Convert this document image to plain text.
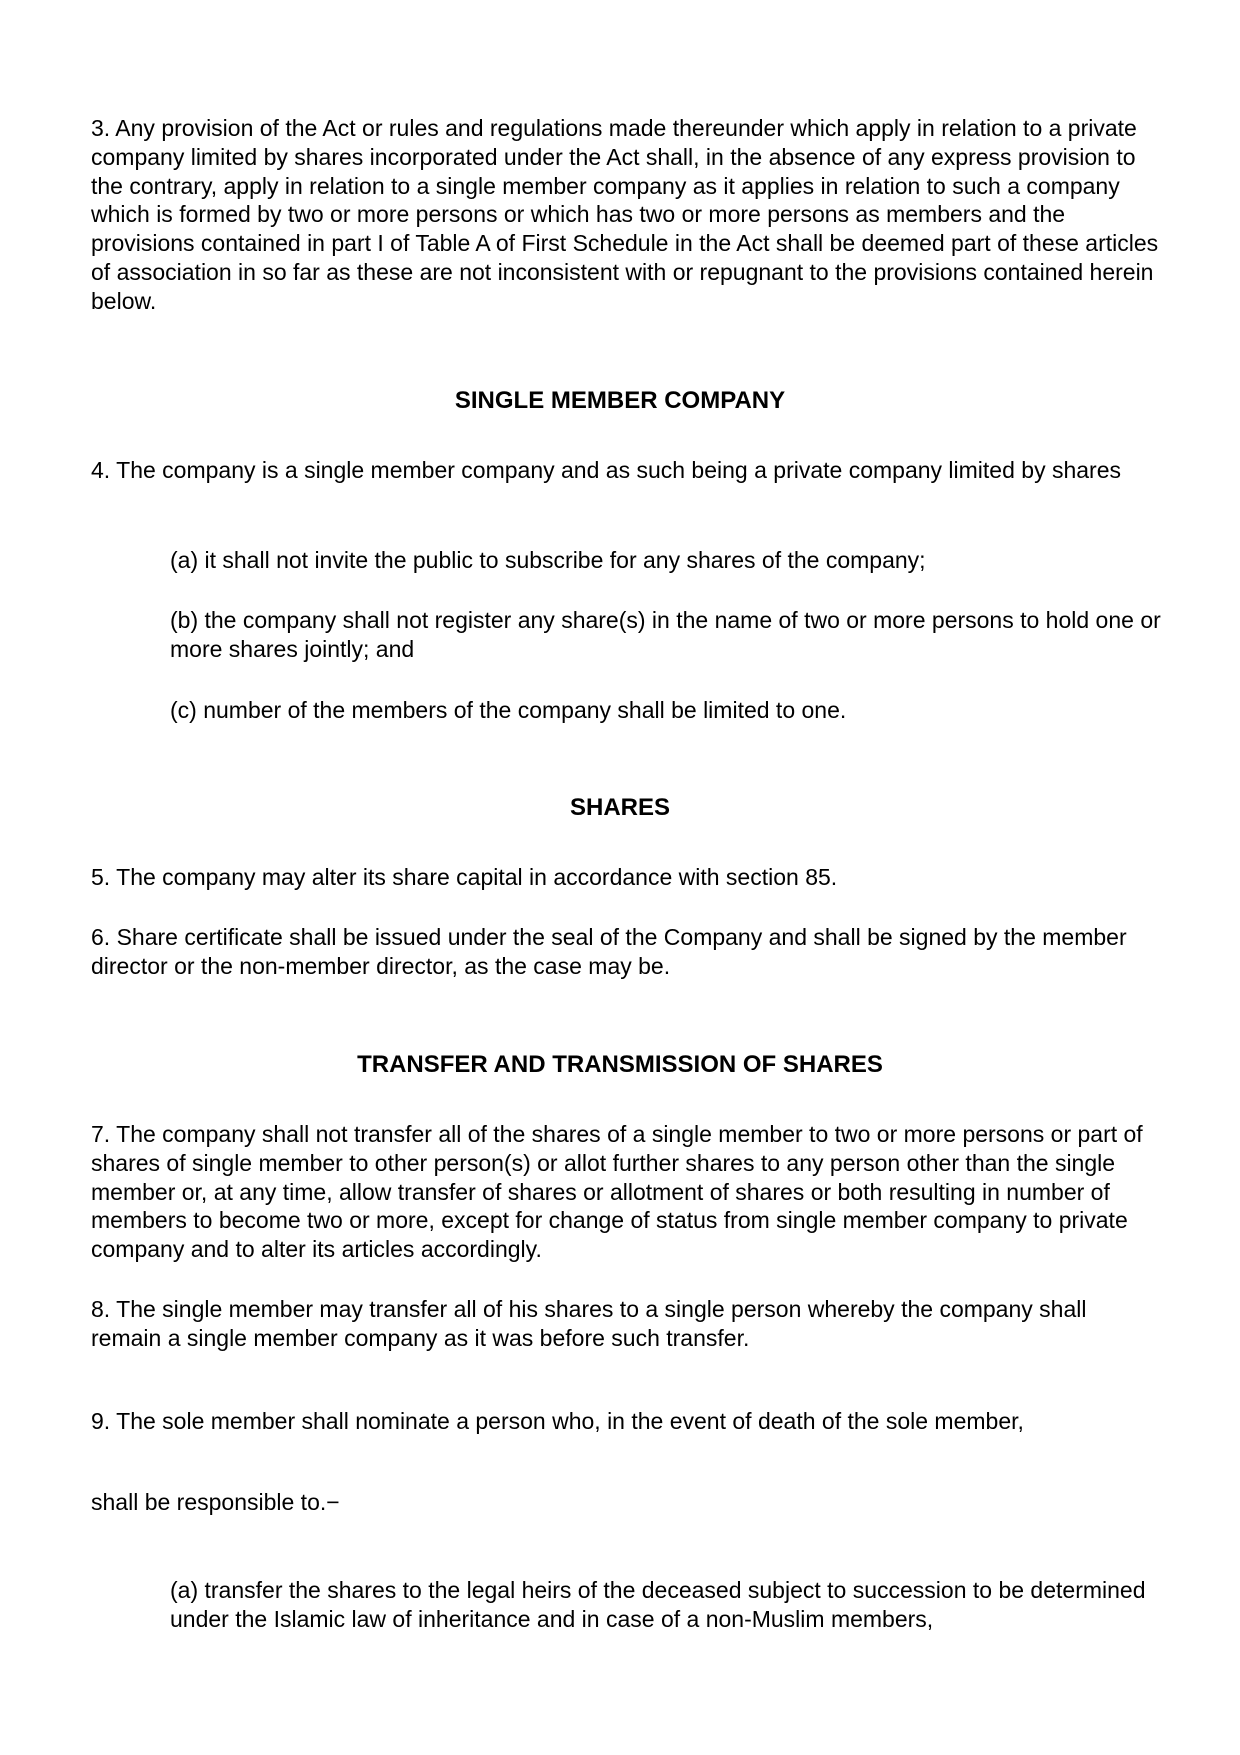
3. Any provision of the Act or rules and regulations made thereunder which apply in relation to a private company limited by shares incorporated under the Act shall, in the absence of any express provision to the contrary, apply in relation to a single member company as it applies in relation to such a company which is formed by two or more persons or which has two or more persons as members and the provisions contained in part I of Table A of First Schedule in the Act shall be deemed part of these articles of association in so far as these are not inconsistent with or repugnant to the provisions contained herein below.

SINGLE MEMBER COMPANY

4. The company is a single member company and as such being a private company limited by shares

(a) it shall not invite the public to subscribe for any shares of the company;

(b) the company shall not register any share(s) in the name of two or more persons to hold one or more shares jointly; and

(c) number of the members of the company shall be limited to one.

SHARES

5. The company may alter its share capital in accordance with section 85.

6. Share certificate shall be issued under the seal of the Company and shall be signed by the member director or the non-member director, as the case may be.

TRANSFER AND TRANSMISSION OF SHARES

7. The company shall not transfer all of the shares of a single member to two or more persons or part of shares of single member to other person(s) or allot further shares to any person other than the single member or, at any time, allow transfer of shares or allotment of shares or both resulting in number of members to become two or more, except for change of status from single member company to private company and to alter its articles accordingly.

8. The single member may transfer all of his shares to a single person whereby the company shall remain a single member company as it was before such transfer.

9. The sole member shall nominate a person who, in the event of death of the sole member,

shall be responsible to.−

(a) transfer the shares to the legal heirs of the deceased subject to succession to be determined under the Islamic law of inheritance and in case of a non-Muslim members,
